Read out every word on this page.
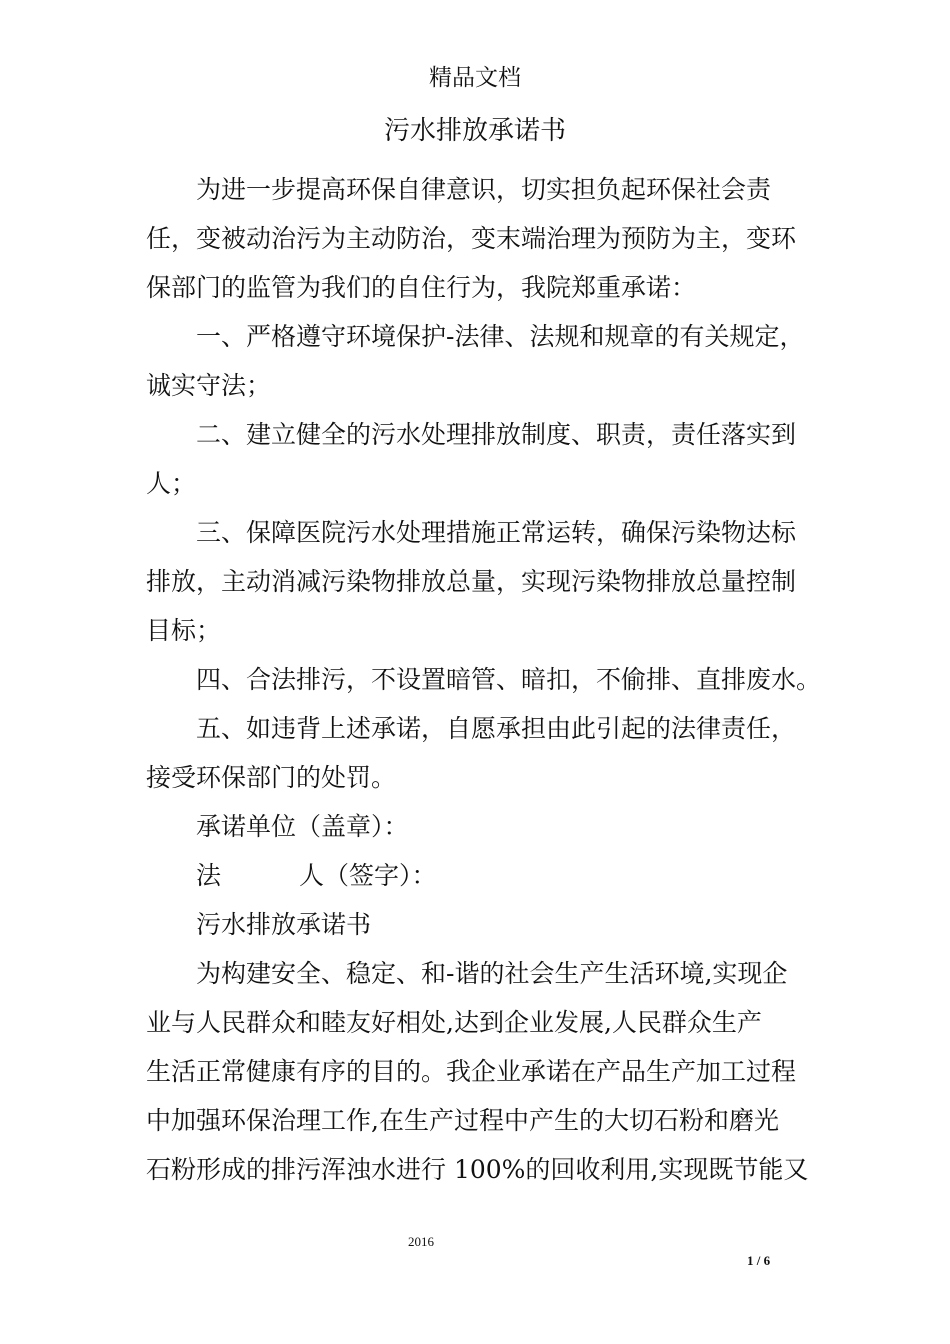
精品文档
污水排放承诺书
为进一步提高环保自律意识，切实担负起环保社会责
任，变被动治污为主动防治，变末端治理为预防为主，变环
保部门的监管为我们的自住行为，我院郑重承诺：
一、严格遵守环境保护-法律、法规和规章的有关规定，
诚实守法；
二、建立健全的污水处理排放制度、职责，责任落实到
人；
三、保障医院污水处理措施正常运转，确保污染物达标
排放，主动消减污染物排放总量，实现污染物排放总量控制
目标；
四、合法排污，不设置暗管、暗扣，不偷排、直排废水。
五、如违背上述承诺，自愿承担由此引起的法律责任，
接受环保部门的处罚。
承诺单位（盖章）：
法	人（签字）：
污水排放承诺书
为构建安全、稳定、和-谐的社会生产生活环境,实现企
业与人民群众和睦友好相处,达到企业发展,人民群众生产
生活正常健康有序的目的。我企业承诺在产品生产加工过程
中加强环保治理工作,在生产过程中产生的大切石粉和磨光
石粉形成的排污浑浊水进行 100%的回收利用,实现既节能又
2016
1 / 6
